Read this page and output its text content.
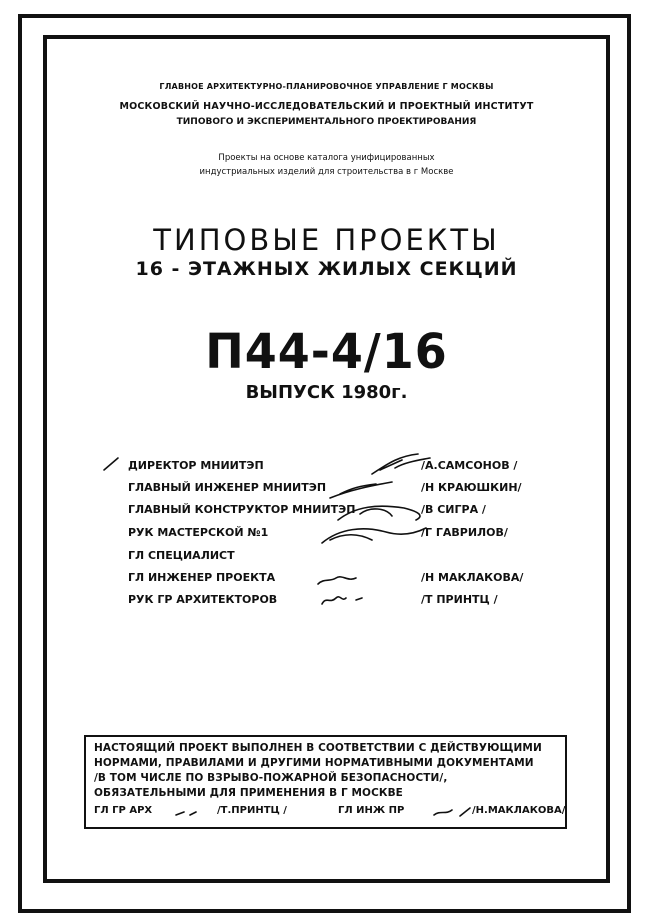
ГЛАВНОЕ АРХИТЕКТУРНО-ПЛАНИРОВОЧНОЕ УПРАВЛЕНИЕ Г МОСКВЫ
МОСКОВСКИЙ НАУЧНО-ИССЛЕДОВАТЕЛЬСКИЙ И ПРОЕКТНЫЙ ИНСТИТУТ
ТИПОВОГО И ЭКСПЕРИМЕНТАЛЬНОГО ПРОЕКТИРОВАНИЯ
Проекты на основе каталога унифицированных
индустриальных изделий для строительства в г Москве
ТИПОВЫЕ ПРОЕКТЫ
16 - ЭТАЖНЫХ ЖИЛЫХ СЕКЦИЙ
П44-4/16
ВЫПУСК 1980г.
ДИРЕКТОР МНИИТЭП	/А.САМСОНОВ /
ГЛАВНЫЙ ИНЖЕНЕР МНИИТЭП	/Н КРАЮШКИН/
ГЛАВНЫЙ КОНСТРУКТОР МНИИТЭП	/В СИГРА /
РУК МАСТЕРСКОЙ №1	/Г ГАВРИЛОВ/
ГЛ СПЕЦИАЛИСТ
ГЛ ИНЖЕНЕР ПРОЕКТА	/Н МАКЛАКОВА/
РУК ГР АРХИТЕКТОРОВ	/Т ПРИНТЦ /
НАСТОЯЩИЙ ПРОЕКТ ВЫПОЛНЕН В СООТВЕТСТВИИ С ДЕЙСТВУЮЩИМИ
НОРМАМИ, ПРАВИЛАМИ И ДРУГИМИ НОРМАТИВНЫМИ ДОКУМЕНТАМИ
/В ТОМ ЧИСЛЕ ПО ВЗРЫВО-ПОЖАРНОЙ БЕЗОПАСНОСТИ/,
ОБЯЗАТЕЛЬНЫМИ ДЛЯ ПРИМЕНЕНИЯ В Г МОСКВЕ
ГЛ ГР АРХ	/Т.ПРИНТЦ /	ГЛ ИНЖ ПР	/Н.МАКЛАКОВА/
